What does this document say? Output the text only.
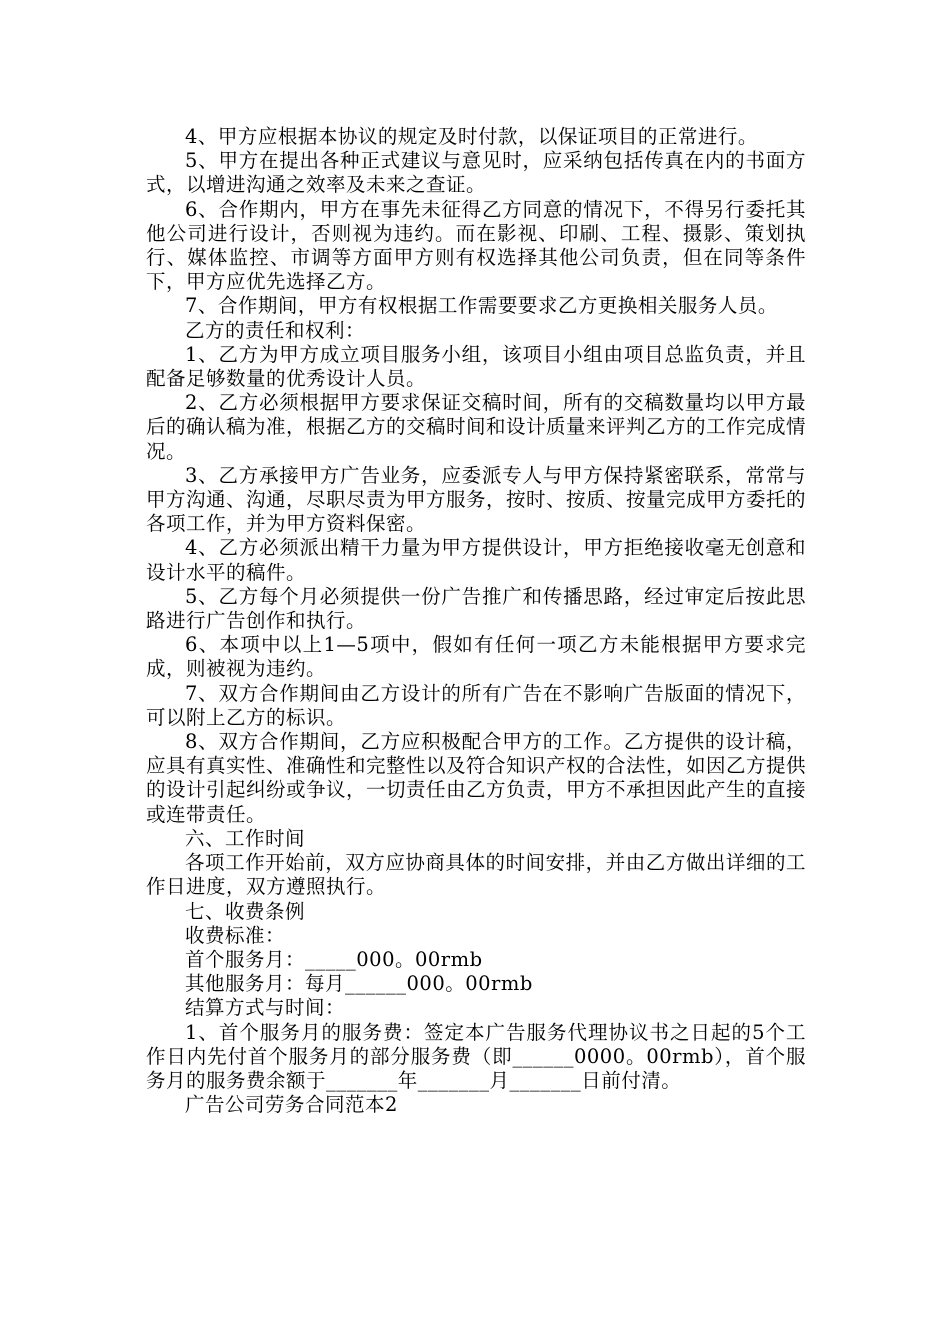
4、甲方应根据本协议的规定及时付款，以保证项目的正常进行。

5、甲方在提出各种正式建议与意见时，应采纳包括传真在内的书面方式，以增进沟通之效率及未来之查证。

6、合作期内，甲方在事先未征得乙方同意的情况下，不得另行委托其他公司进行设计，否则视为违约。而在影视、印刷、工程、摄影、策划执行、媒体监控、市调等方面甲方则有权选择其他公司负责，但在同等条件下，甲方应优先选择乙方。

7、合作期间，甲方有权根据工作需要要求乙方更换相关服务人员。

乙方的责任和权利：

1、乙方为甲方成立项目服务小组，该项目小组由项目总监负责，并且配备足够数量的优秀设计人员。

2、乙方必须根据甲方要求保证交稿时间，所有的交稿数量均以甲方最后的确认稿为准，根据乙方的交稿时间和设计质量来评判乙方的工作完成情况。

3、乙方承接甲方广告业务，应委派专人与甲方保持紧密联系，常常与甲方沟通、沟通，尽职尽责为甲方服务，按时、按质、按量完成甲方委托的各项工作，并为甲方资料保密。

4、乙方必须派出精干力量为甲方提供设计，甲方拒绝接收毫无创意和设计水平的稿件。

5、乙方每个月必须提供一份广告推广和传播思路，经过审定后按此思路进行广告创作和执行。

6、本项中以上1—5项中，假如有任何一项乙方未能根据甲方要求完成，则被视为违约。

7、双方合作期间由乙方设计的所有广告在不影响广告版面的情况下，可以附上乙方的标识。

8、双方合作期间，乙方应积极配合甲方的工作。乙方提供的设计稿，应具有真实性、准确性和完整性以及符合知识产权的合法性，如因乙方提供的设计引起纠纷或争议，一切责任由乙方负责，甲方不承担因此产生的直接或连带责任。

六、工作时间

各项工作开始前，双方应协商具体的时间安排，并由乙方做出详细的工作日进度，双方遵照执行。

七、收费条例

收费标准：

首个服务月：_____000。00rmb

其他服务月：每月______000。00rmb

结算方式与时间：

1、首个服务月的服务费：签定本广告服务代理协议书之日起的5个工作日内先付首个服务月的部分服务费（即______0000。00rmb），首个服务月的服务费余额于_______年_______月_______日前付清。

广告公司劳务合同范本2
